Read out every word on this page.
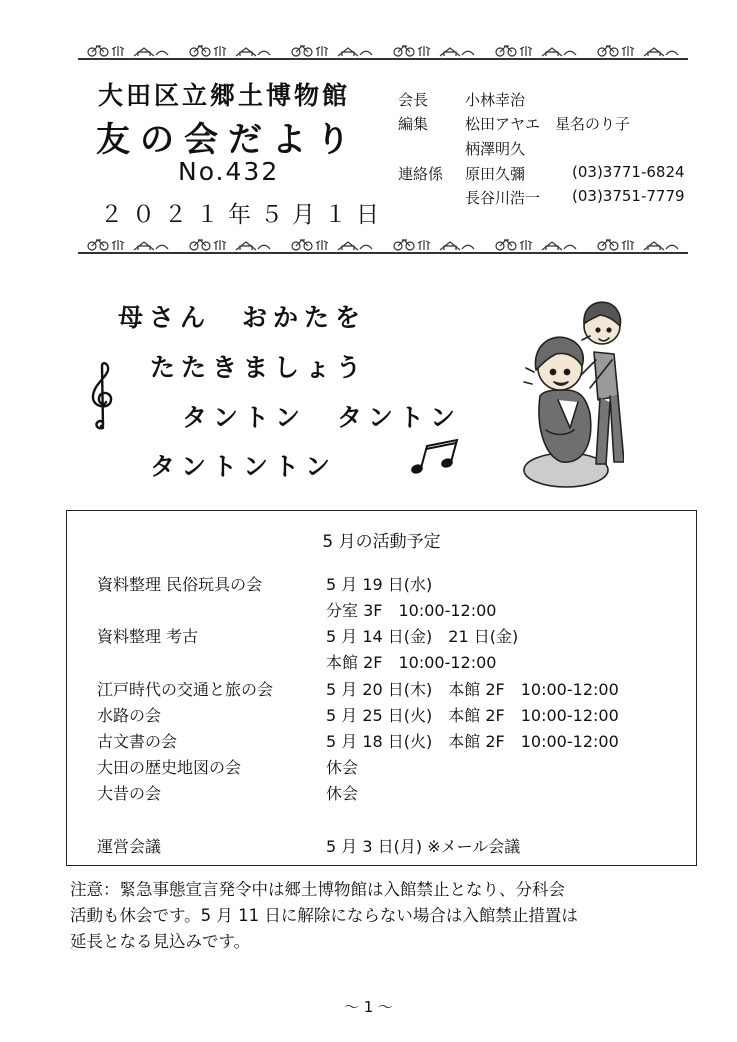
大田区立郷土博物館
友の会だより
No.432
２０２１年５月１日
会長 小林幸治
編集 松田アヤエ　星名のり子
柄澤明久
連絡係 原田久彌	(03)3771-6824
長谷川浩一 (03)3751-7779
母さん　おかたを
たたきましょう
タントン　タントン
タントントン
5 月の活動予定
資料整理 民俗玩具の会	5 月 19 日(水)
分室 3F　10:00-12:00
資料整理 考古	5 月 14 日(金)　21 日(金)
本館 2F　10:00-12:00
江戸時代の交通と旅の会	5 月 20 日(木)　本館 2F　10:00-12:00
水路の会	5 月 25 日(火)　本館 2F　10:00-12:00
古文書の会	5 月 18 日(火)　本館 2F　10:00-12:00
大田の歴史地図の会	休会
大昔の会	休会
運営会議	5 月 3 日(月) ※メール会議
注意：緊急事態宣言発令中は郷土博物館は入館禁止となり、分科会
活動も休会です。5 月 11 日に解除にならない場合は入館禁止措置は
延長となる見込みです。
～ 1 ～
